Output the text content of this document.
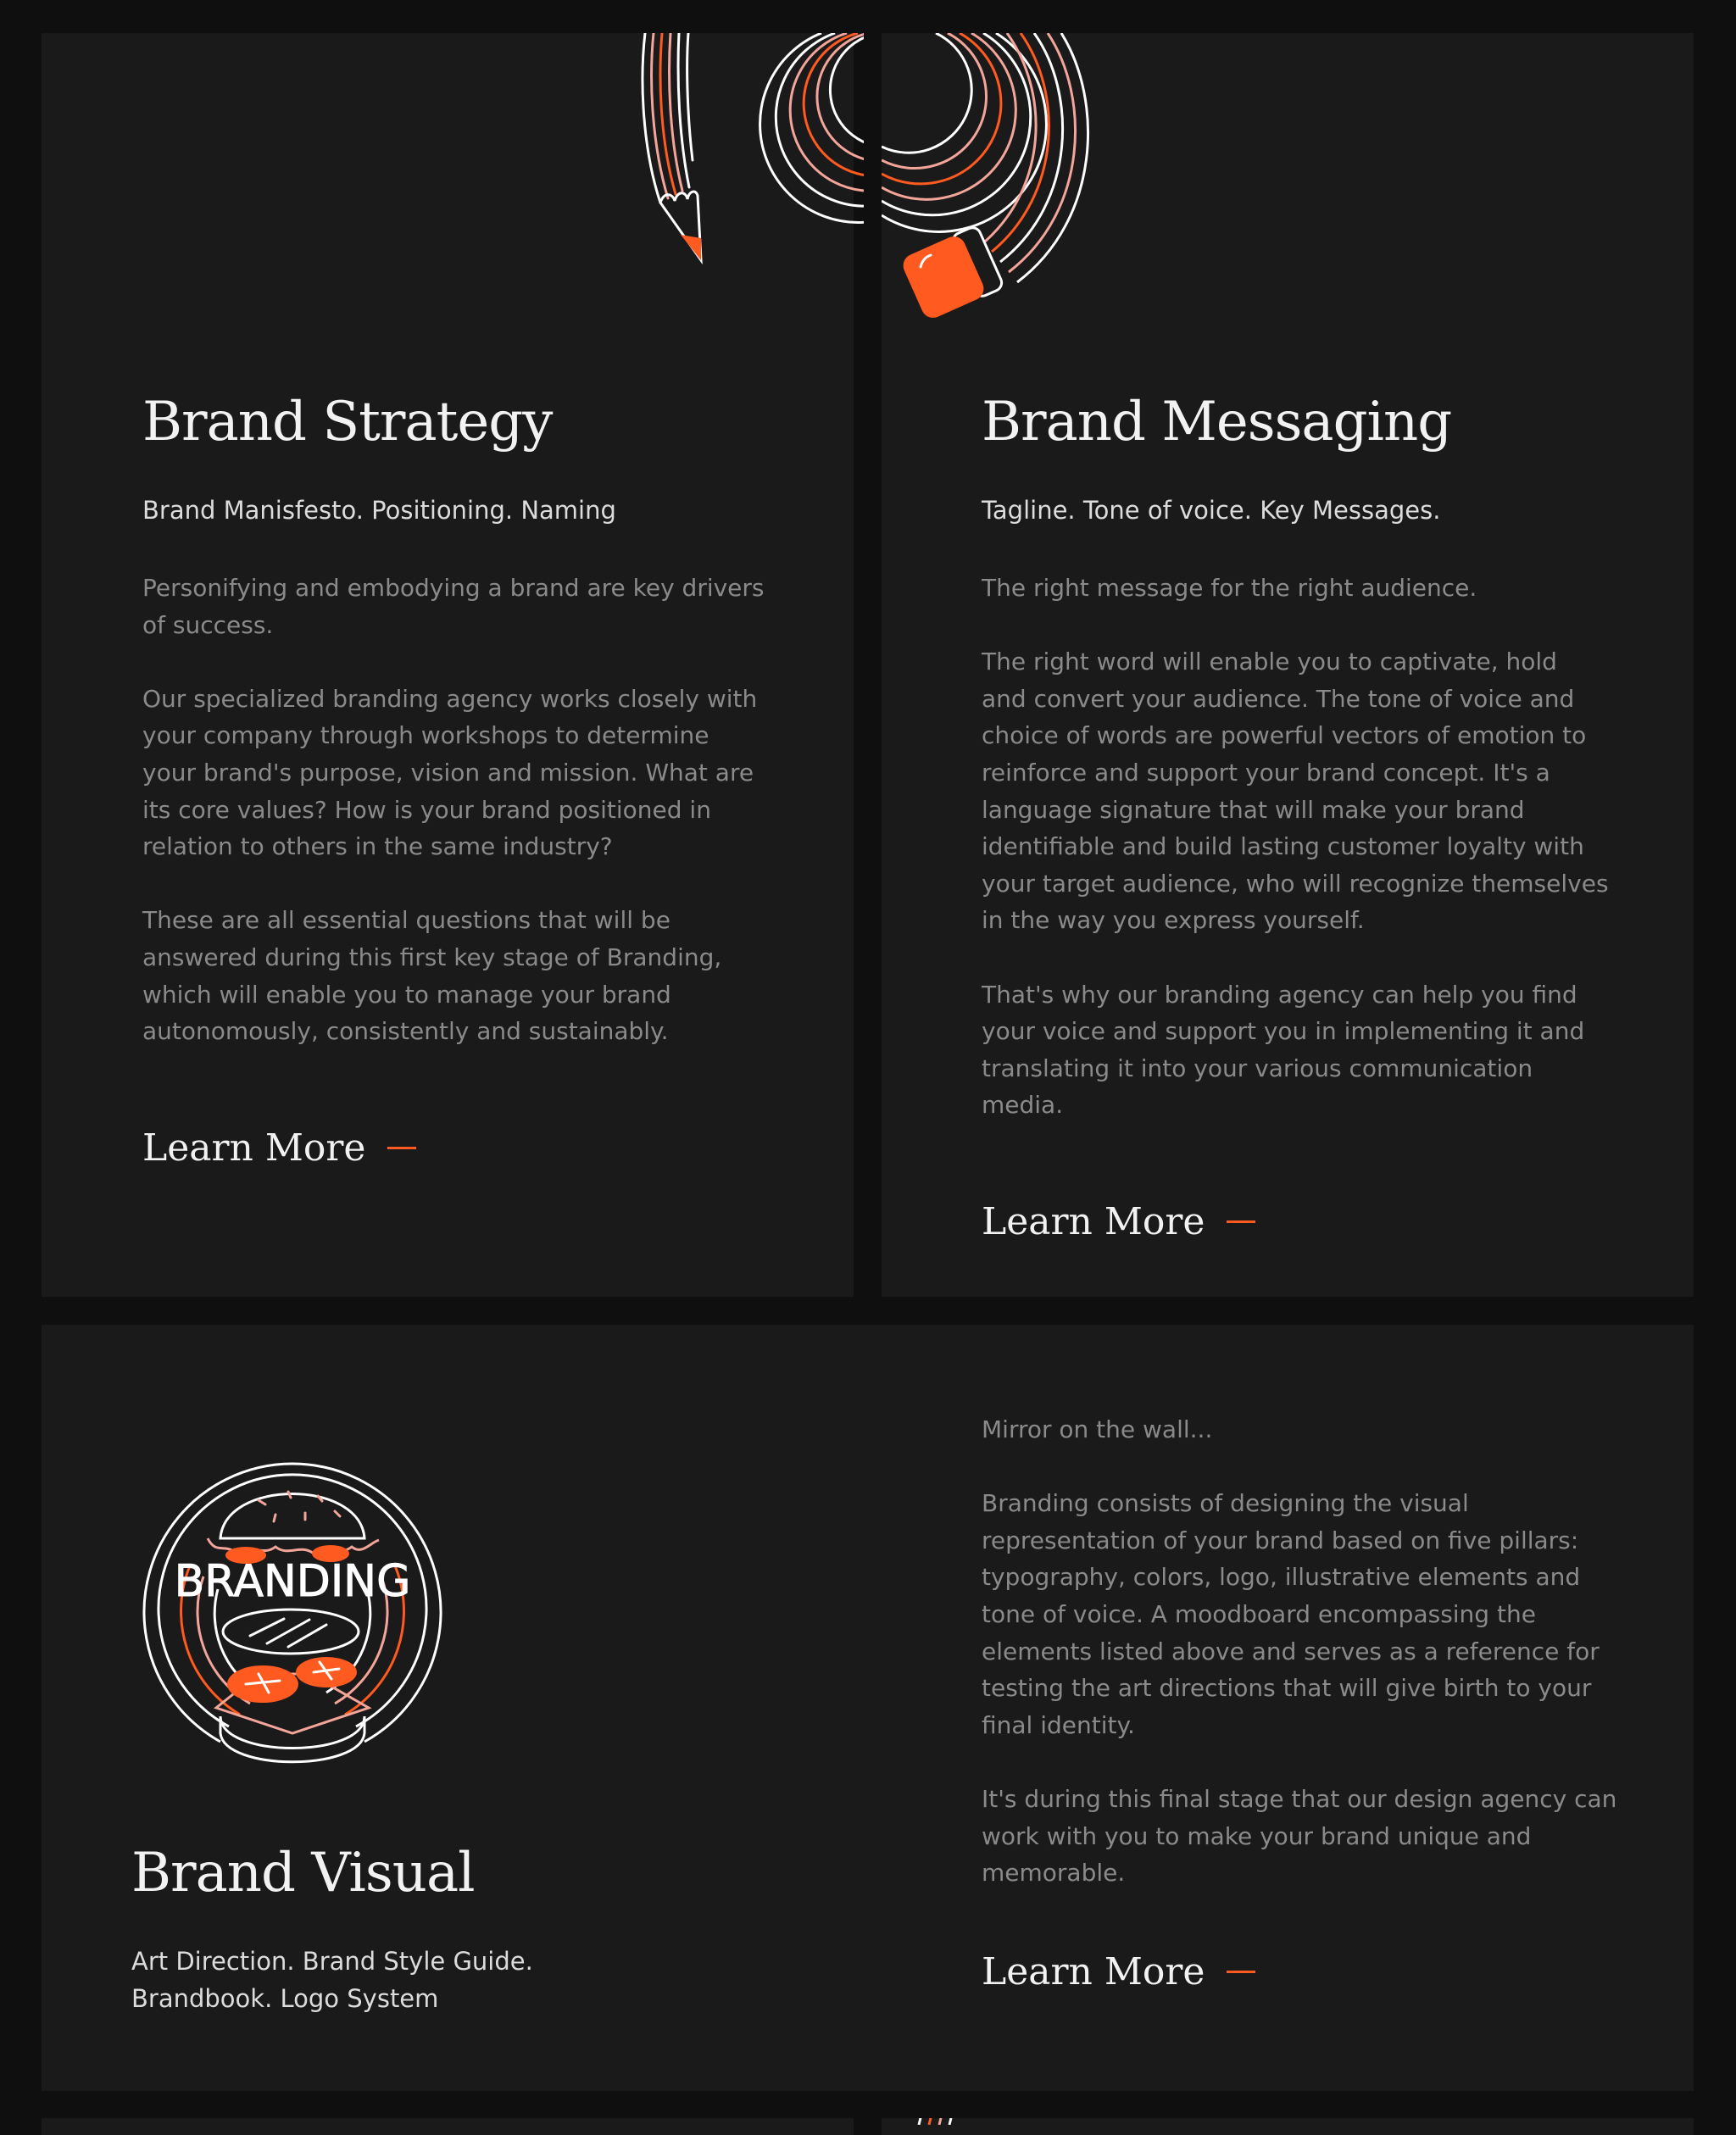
Brand Strategy
Brand Manisfesto. Positioning. Naming

Personifying and embodying a brand are key drivers of success.

Our specialized branding agency works closely with your company through workshops to determine your brand's purpose, vision and mission. What are its core values? How is your brand positioned in relation to others in the same industry?

These are all essential questions that will be answered during this first key stage of Branding, which will enable you to manage your brand autonomously, consistently and sustainably.

Learn More
Brand Messaging
Tagline. Tone of voice. Key Messages.

The right message for the right audience.

The right word will enable you to captivate, hold and convert your audience. The tone of voice and choice of words are powerful vectors of emotion to reinforce and support your brand concept. It's a language signature that will make your brand identifiable and build lasting customer loyalty with your target audience, who will recognize themselves in the way you express yourself.

That's why our branding agency can help you find your voice and support you in implementing it and translating it into your various communication media.

Learn More
BRANDING
Brand Visual
Art Direction. Brand Style Guide.
Brandbook. Logo System

Mirror on the wall...

Branding consists of designing the visual representation of your brand based on five pillars: typography, colors, logo, illustrative elements and tone of voice. A moodboard encompassing the elements listed above and serves as a reference for testing the art directions that will give birth to your final identity.

It's during this final stage that our design agency can work with you to make your brand unique and memorable.

Learn More
